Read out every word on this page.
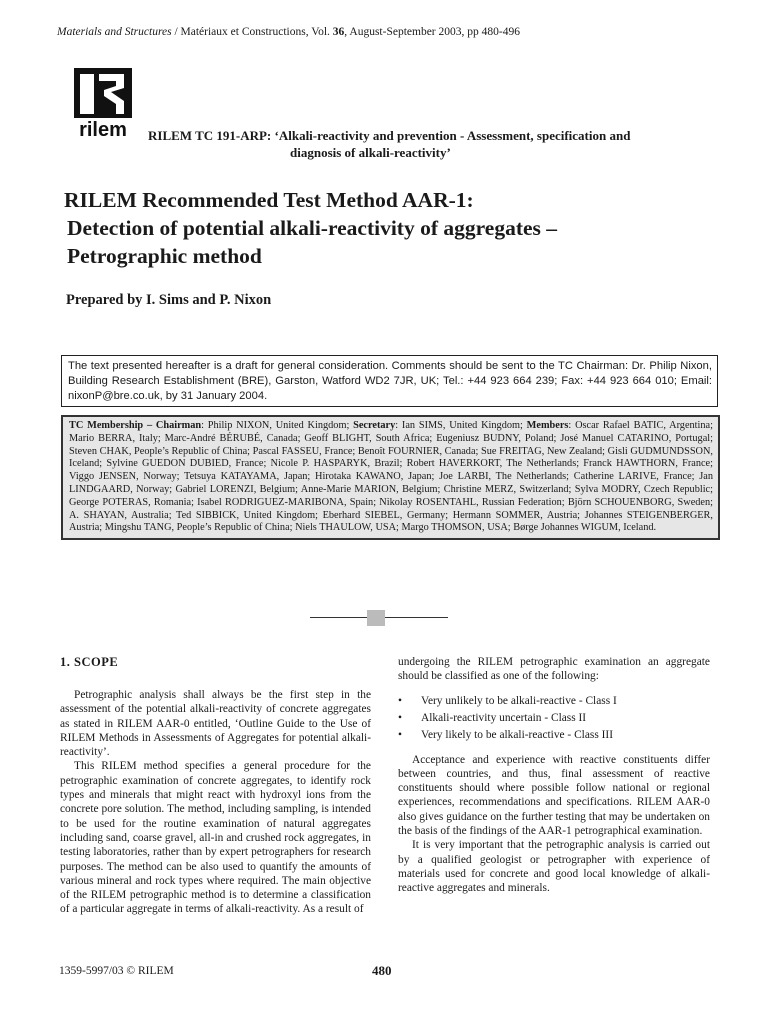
Materials and Structures / Matériaux et Constructions, Vol. 36, August-September 2003, pp 480-496
rilem RILEM TC 191-ARP: ‘Alkali-reactivity and prevention - Assessment, specification and
diagnosis of alkali-reactivity’
RILEM Recommended Test Method AAR-1:
Detection of potential alkali-reactivity of aggregates –
Petrographic method
Prepared by I. Sims and P. Nixon
The text presented hereafter is a draft for general consideration. Comments should be sent to the TC Chairman: Dr. Philip Nixon, Building Research Establishment (BRE), Garston, Watford WD2 7JR, UK; Tel.: +44 923 664 239; Fax: +44 923 664 010; Email: nixonP@bre.co.uk, by 31 January 2004.
TC Membership – Chairman: Philip NIXON, United Kingdom; Secretary: Ian SIMS, United Kingdom; Members: Oscar Rafael BATIC, Argentina; Mario BERRA, Italy; Marc-André BÉRUBÉ, Canada; Geoff BLIGHT, South Africa; Eugeniusz BUDNY, Poland; José Manuel CATARINO, Portugal; Steven CHAK, People’s Republic of China; Pascal FASSEU, France; Benoît FOURNIER, Canada; Sue FREITAG, New Zealand; Gisli GUDMUNDSSON, Iceland; Sylvine GUEDON DUBIED, France; Nicole P. HASPARYK, Brazil; Robert HAVERKORT, The Netherlands; Franck HAWTHORN, France; Viggo JENSEN, Norway; Tetsuya KATAYAMA, Japan; Hirotaka KAWANO, Japan; Joe LARBI, The Netherlands; Catherine LARIVE, France; Jan LINDGAARD, Norway; Gabriel LORENZI, Belgium; Anne-Marie MARION, Belgium; Christine MERZ, Switzerland; Sylva MODRY, Czech Republic; George POTERAS, Romania; Isabel RODRIGUEZ-MARIBONA, Spain; Nikolay ROSENTAHL, Russian Federation; Björn SCHOUENBORG, Sweden; A. SHAYAN, Australia; Ted SIBBICK, United Kingdom; Eberhard SIEBEL, Germany; Hermann SOMMER, Austria; Johannes STEIGENBERGER, Austria; Mingshu TANG, People’s Republic of China; Niels THAULOW, USA; Margo THOMSON, USA; Børge Johannes WIGUM, Iceland.
1. SCOPE

Petrographic analysis shall always be the first step in the assessment of the potential alkali-reactivity of concrete aggregates as stated in RILEM AAR-0 entitled, ‘Outline Guide to the Use of RILEM Methods in Assessments of Aggregates for potential alkali-reactivity’.

This RILEM method specifies a general procedure for the petrographic examination of concrete aggregates, to identify rock types and minerals that might react with hydroxyl ions from the concrete pore solution. The method, including sampling, is intended to be used for the routine examination of natural aggregates including sand, coarse gravel, all-in and crushed rock aggregates, in testing laboratories, rather than by expert petrographers for research purposes. The method can be also used to quantify the amounts of various mineral and rock types where required. The main objective of the RILEM petrographic method is to determine a classification of a particular aggregate in terms of alkali-reactivity. As a result of

undergoing the RILEM petrographic examination an aggregate should be classified as one of the following:

• Very unlikely to be alkali-reactive - Class I
• Alkali-reactivity uncertain - Class II
• Very likely to be alkali-reactive - Class III

Acceptance and experience with reactive constituents differ between countries, and thus, final assessment of reactive constituents should where possible follow national or regional experiences, recommendations and specifications. RILEM AAR-0 also gives guidance on the further testing that may be undertaken on the basis of the findings of the AAR-1 petrographical examination.

It is very important that the petrographic analysis is carried out by a qualified geologist or petrographer with experience of materials used for concrete and good local knowledge of alkali-reactive aggregates and minerals.

1359-5997/03 © RILEM	480
